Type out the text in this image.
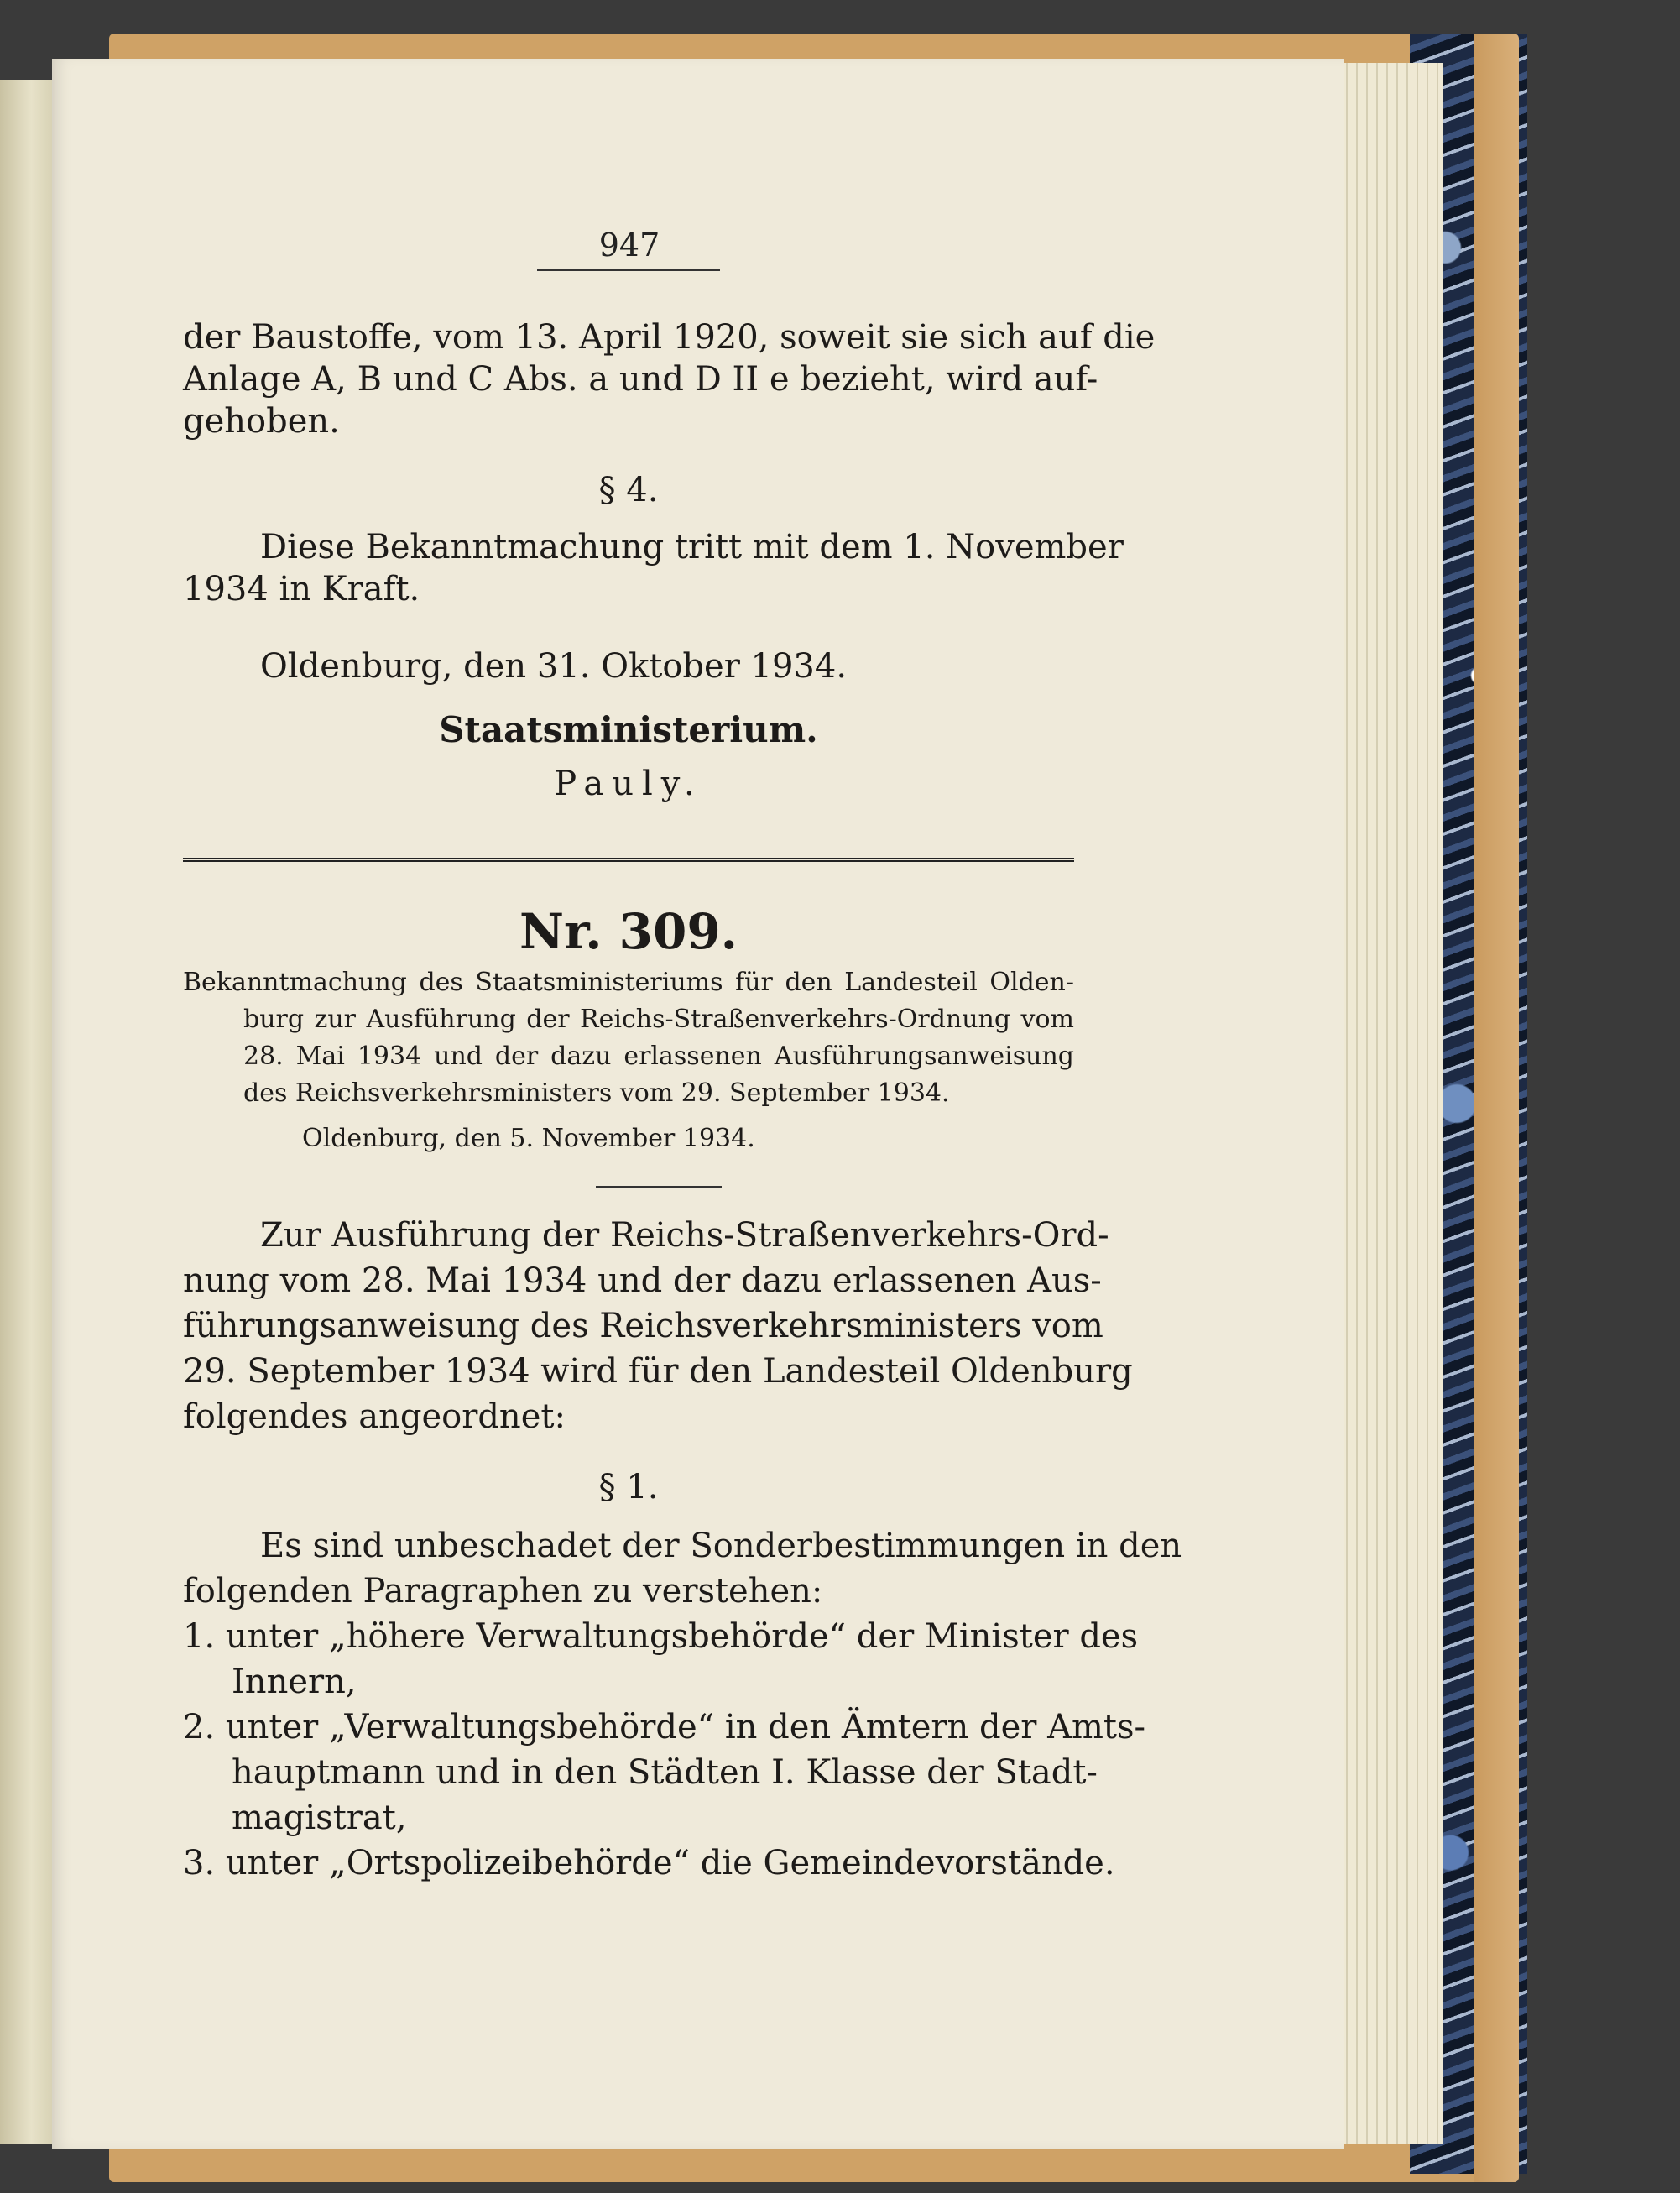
947
der Baustoffe, vom 13. April 1920, soweit sie sich auf die
Anlage A, B und C Abs. a und D II e bezieht, wird auf-
gehoben.
§ 4.
Diese Bekanntmachung tritt mit dem 1. November
1934 in Kraft.
Oldenburg, den 31. Oktober 1934.
Staatsministerium.
Pauly.
Nr. 309.
Bekanntmachung des Staatsministeriums für den Landesteil Olden-
burg zur Ausführung der Reichs-Straßenverkehrs-Ordnung vom
28. Mai 1934 und der dazu erlassenen Ausführungsanweisung
des Reichsverkehrsministers vom 29. September 1934.
Oldenburg, den 5. November 1934.
Zur Ausführung der Reichs-Straßenverkehrs-Ord-
nung vom 28. Mai 1934 und der dazu erlassenen Aus-
führungsanweisung des Reichsverkehrsministers vom
29. September 1934 wird für den Landesteil Oldenburg
folgendes angeordnet:
§ 1.
Es sind unbeschadet der Sonderbestimmungen in den
folgenden Paragraphen zu verstehen:
1. unter „höhere Verwaltungsbehörde“ der Minister des
Innern,
2. unter „Verwaltungsbehörde“ in den Ämtern der Amts-
hauptmann und in den Städten I. Klasse der Stadt-
magistrat,
3. unter „Ortspolizeibehörde“ die Gemeindevorstände.
